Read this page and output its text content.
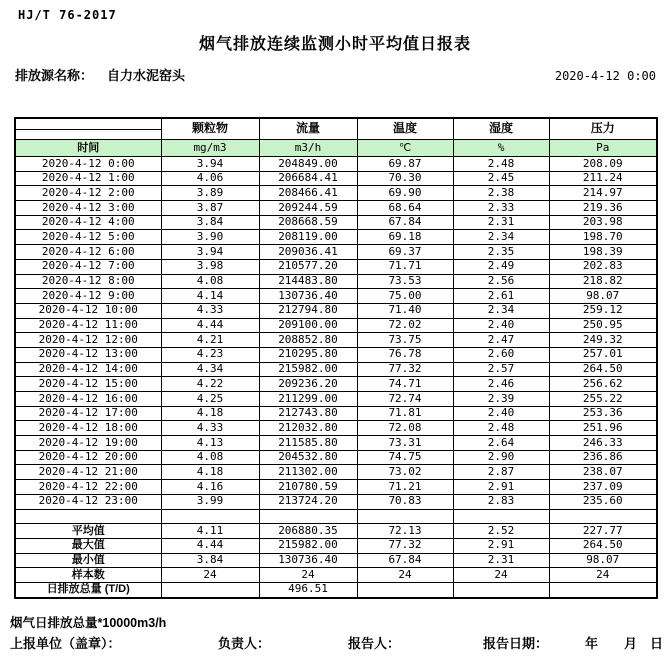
HJ/T 76-2017
烟气排放连续监测小时平均值日报表
排放源名称： 自力水泥窑头	2020-4-12 0:00
	颗粒物	流量	温度	湿度	压力

时间	mg/m3	m3/h	℃	%	Pa
2020-4-12 0:00	3.94	204849.00	69.87	2.48	208.09
2020-4-12 1:00	4.06	206684.41	70.30	2.45	211.24
2020-4-12 2:00	3.89	208466.41	69.90	2.38	214.97
2020-4-12 3:00	3.87	209244.59	68.64	2.33	219.36
2020-4-12 4:00	3.84	208668.59	67.84	2.31	203.98
2020-4-12 5:00	3.90	208119.00	69.18	2.34	198.70
2020-4-12 6:00	3.94	209036.41	69.37	2.35	198.39
2020-4-12 7:00	3.98	210577.20	71.71	2.49	202.83
2020-4-12 8:00	4.08	214483.80	73.53	2.56	218.82
2020-4-12 9:00	4.14	130736.40	75.00	2.61	98.07
2020-4-12 10:00	4.33	212794.80	71.40	2.34	259.12
2020-4-12 11:00	4.44	209100.00	72.02	2.40	250.95
2020-4-12 12:00	4.21	208852.80	73.75	2.47	249.32
2020-4-12 13:00	4.23	210295.80	76.78	2.60	257.01
2020-4-12 14:00	4.34	215982.00	77.32	2.57	264.50
2020-4-12 15:00	4.22	209236.20	74.71	2.46	256.62
2020-4-12 16:00	4.25	211299.00	72.74	2.39	255.22
2020-4-12 17:00	4.18	212743.80	71.81	2.40	253.36
2020-4-12 18:00	4.33	212032.80	72.08	2.48	251.96
2020-4-12 19:00	4.13	211585.80	73.31	2.64	246.33
2020-4-12 20:00	4.08	204532.80	74.75	2.90	236.86
2020-4-12 21:00	4.18	211302.00	73.02	2.87	238.07
2020-4-12 22:00	4.16	210780.59	71.21	2.91	237.09
2020-4-12 23:00	3.99	213724.20	70.83	2.83	235.60

平均值	4.11	206880.35	72.13	2.52	227.77
最大值	4.44	215982.00	77.32	2.91	264.50
最小值	3.84	130736.40	67.84	2.31	98.07
样本数	24	24	24	24	24
日排放总量 (T/D)		496.51			
烟气日排放总量*10000m3/h
上报单位（盖章）：	负责人：	报告人：	报告日期：	年 月 日
